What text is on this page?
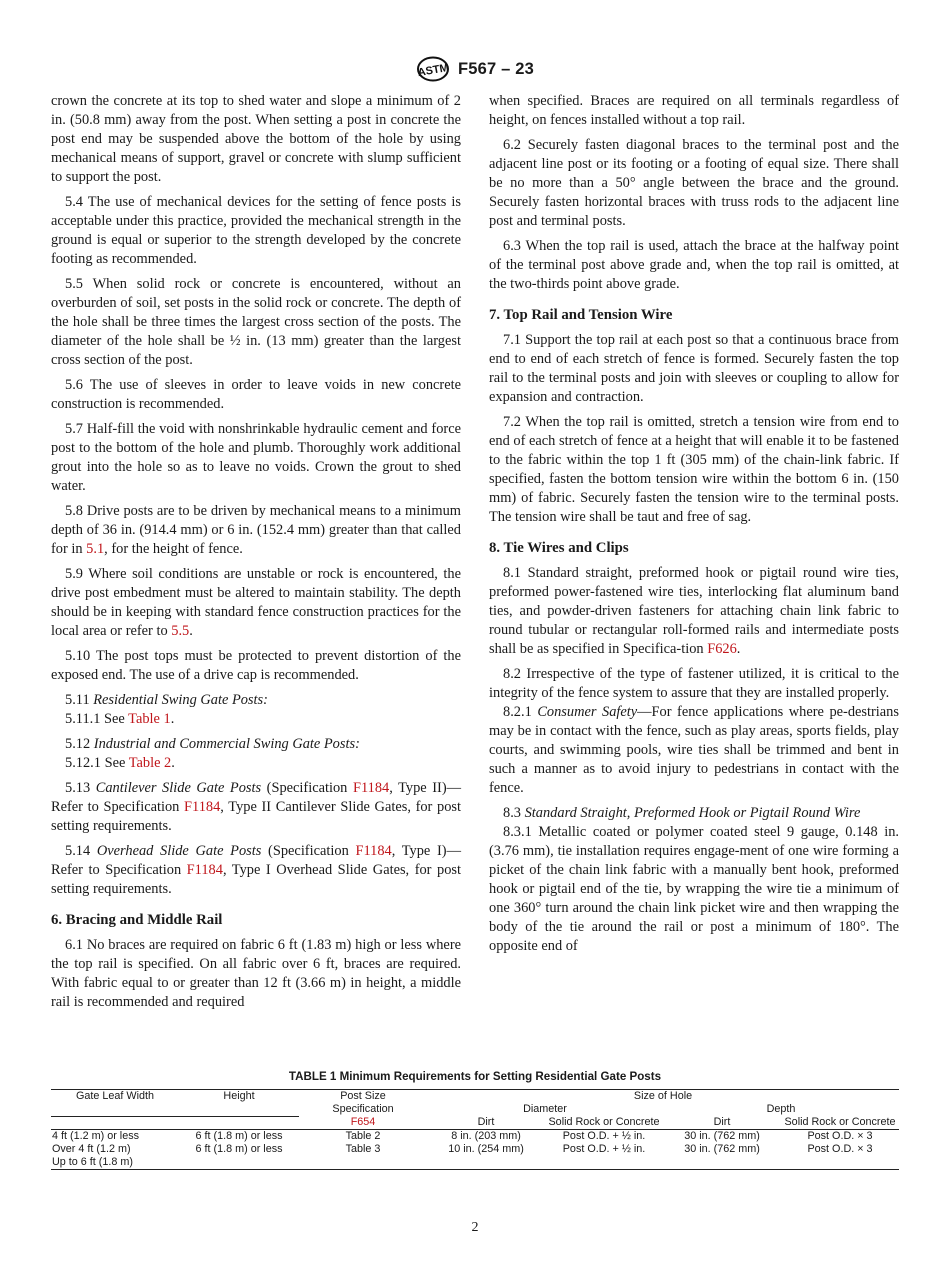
ASTM F567 – 23

crown the concrete at its top to shed water and slope a minimum of 2 in. (50.8 mm) away from the post. When setting a post in concrete the post end may be suspended above the bottom of the hole by using mechanical means of support, gravel or concrete with slump sufficient to support the post.

5.4 The use of mechanical devices for the setting of fence posts is acceptable under this practice, provided the mechanical strength in the ground is equal or superior to the strength developed by the concrete footing as recommended.

5.5 When solid rock or concrete is encountered, without an overburden of soil, set posts in the solid rock or concrete. The depth of the hole shall be three times the largest cross section of the posts. The diameter of the hole shall be ½ in. (13 mm) greater than the largest cross section of the post.

5.6 The use of sleeves in order to leave voids in new concrete construction is recommended.

5.7 Half-fill the void with nonshrinkable hydraulic cement and force post to the bottom of the hole and plumb. Thoroughly work additional grout into the hole so as to leave no voids. Crown the grout to shed water.

5.8 Drive posts are to be driven by mechanical means to a minimum depth of 36 in. (914.4 mm) or 6 in. (152.4 mm) greater than that called for in 5.1, for the height of fence.

5.9 Where soil conditions are unstable or rock is encountered, the drive post embedment must be altered to maintain stability. The depth should be in keeping with standard fence construction practices for the local area or refer to 5.5.

5.10 The post tops must be protected to prevent distortion of the exposed end. The use of a drive cap is recommended.

5.11 Residential Swing Gate Posts:

5.11.1 See Table 1.

5.12 Industrial and Commercial Swing Gate Posts:

5.12.1 See Table 2.

5.13 Cantilever Slide Gate Posts (Specification F1184, Type II)—Refer to Specification F1184, Type II Cantilever Slide Gates, for post setting requirements.

5.14 Overhead Slide Gate Posts (Specification F1184, Type I)—Refer to Specification F1184, Type I Overhead Slide Gates, for post setting requirements.

6. Bracing and Middle Rail

6.1 No braces are required on fabric 6 ft (1.83 m) high or less where the top rail is specified. On all fabric over 6 ft, braces are required. With fabric equal to or greater than 12 ft (3.66 m) in height, a middle rail is recommended and required

when specified. Braces are required on all terminals regardless of height, on fences installed without a top rail.

6.2 Securely fasten diagonal braces to the terminal post and the adjacent line post or its footing or a footing of equal size. There shall be no more than a 50° angle between the brace and the ground. Securely fasten horizontal braces with truss rods to the adjacent line post and terminal posts.

6.3 When the top rail is used, attach the brace at the halfway point of the terminal post above grade and, when the top rail is omitted, at the two-thirds point above grade.

7. Top Rail and Tension Wire

7.1 Support the top rail at each post so that a continuous brace from end to end of each stretch of fence is formed. Securely fasten the top rail to the terminal posts and join with sleeves or coupling to allow for expansion and contraction.

7.2 When the top rail is omitted, stretch a tension wire from end to end of each stretch of fence at a height that will enable it to be fastened to the fabric within the top 1 ft (305 mm) of the chain-link fabric. If specified, fasten the bottom tension wire within the bottom 6 in. (150 mm) of fabric. Securely fasten the tension wire to the terminal posts. The tension wire shall be taut and free of sag.

8. Tie Wires and Clips

8.1 Standard straight, preformed hook or pigtail round wire ties, preformed power-fastened wire ties, interlocking flat aluminum band ties, and powder-driven fasteners for attaching chain link fabric to round tubular or rectangular roll-formed rails and intermediate posts shall be as specified in Specifica-tion F626.

8.2 Irrespective of the type of fastener utilized, it is critical to the integrity of the fence system to assure that they are installed properly.

8.2.1 Consumer Safety—For fence applications where pe-destrians may be in contact with the fence, such as play areas, sports fields, play courts, and swimming pools, wire ties shall be trimmed and bent in such a manner as to avoid injury to pedestrians in contact with the fence.

8.3 Standard Straight, Preformed Hook or Pigtail Round Wire

8.3.1 Metallic coated or polymer coated steel 9 gauge, 0.148 in. (3.76 mm), tie installation requires engage-ment of one wire forming a picket of the chain link fabric with a manually bent hook, preformed hook or pigtail end of the tie, by wrapping the wire tie a minimum of one 360° turn around the chain link picket wire and then wrapping the body of the tie around the rail or post a minimum of 180°. The opposite end of

TABLE 1 Minimum Requirements for Setting Residential Gate Posts
Gate Leaf Width	Height	Post Size	Size of Hole			
		Specification	Diameter		Depth	
		F654	Dirt	Solid Rock or Concrete	Dirt	Solid Rock or Concrete
4 ft (1.2 m) or less	6 ft (1.8 m) or less	Table 2	8 in. (203 mm)	Post O.D. + ½ in.	30 in. (762 mm)	Post O.D. × 3
Over 4 ft (1.2 m)	6 ft (1.8 m) or less	Table 3	10 in. (254 mm)	Post O.D. + ½ in.	30 in. (762 mm)	Post O.D. × 3
Up to 6 ft (1.8 m)						
2
